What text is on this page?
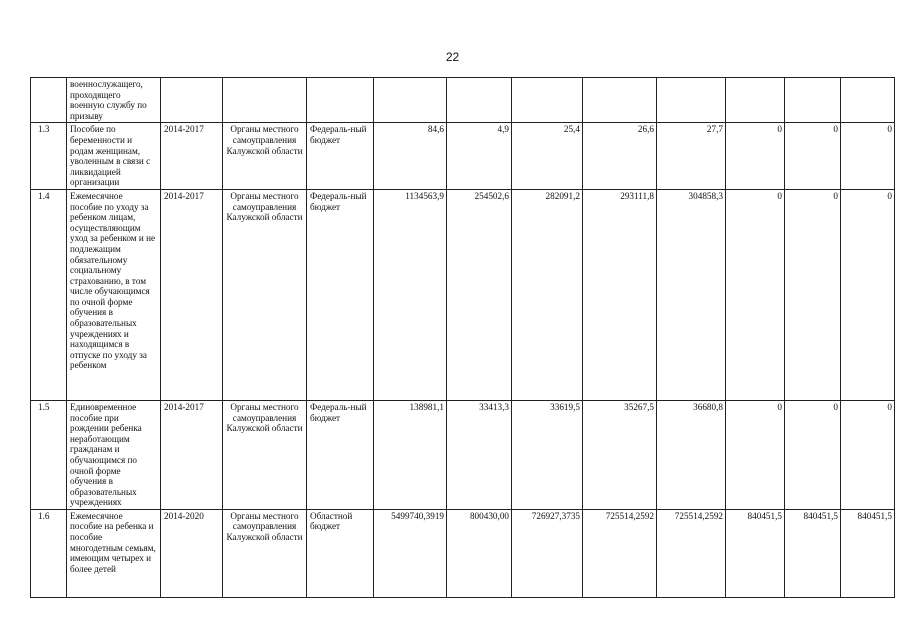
22
	военнослужащего, проходящего военную службу по призыву											
1.3	Пособие по беременности и родам женщинам, уволенным в связи с ликвидацией организации	2014-2017	Органы местного самоуправления Калужской области	Федераль-ный бюджет	84,6	4,9	25,4	26,6	27,7	0	0	0
1.4	Ежемесячное пособие по уходу за ребенком лицам, осуществляющим уход за ребенком и не подлежащим обязательному социальному страхованию, в том числе обучающимся по очной форме обучения в образовательных учреждениях и находящимся в отпуске по уходу за ребенком	2014-2017	Органы местного самоуправления Калужской области	Федераль-ный бюджет	1134563,9	254502,6	282091,2	293111,8	304858,3	0	0	0
1.5	Единовременное пособие при рождении ребенка неработающим гражданам и обучающимся по очной форме обучения в образовательных учреждениях	2014-2017	Органы местного самоуправления Калужской области	Федераль-ный бюджет	138981,1	33413,3	33619,5	35267,5	36680,8	0	0	0
1.6	Ежемесячное пособие на ребенка и пособие многодетным семьям, имеющим четырех и более детей	2014-2020	Органы местного самоуправления Калужской области	Областной бюджет	5499740,3919	800430,00	726927,3735	725514,2592	725514,2592	840451,5	840451,5	840451,5
